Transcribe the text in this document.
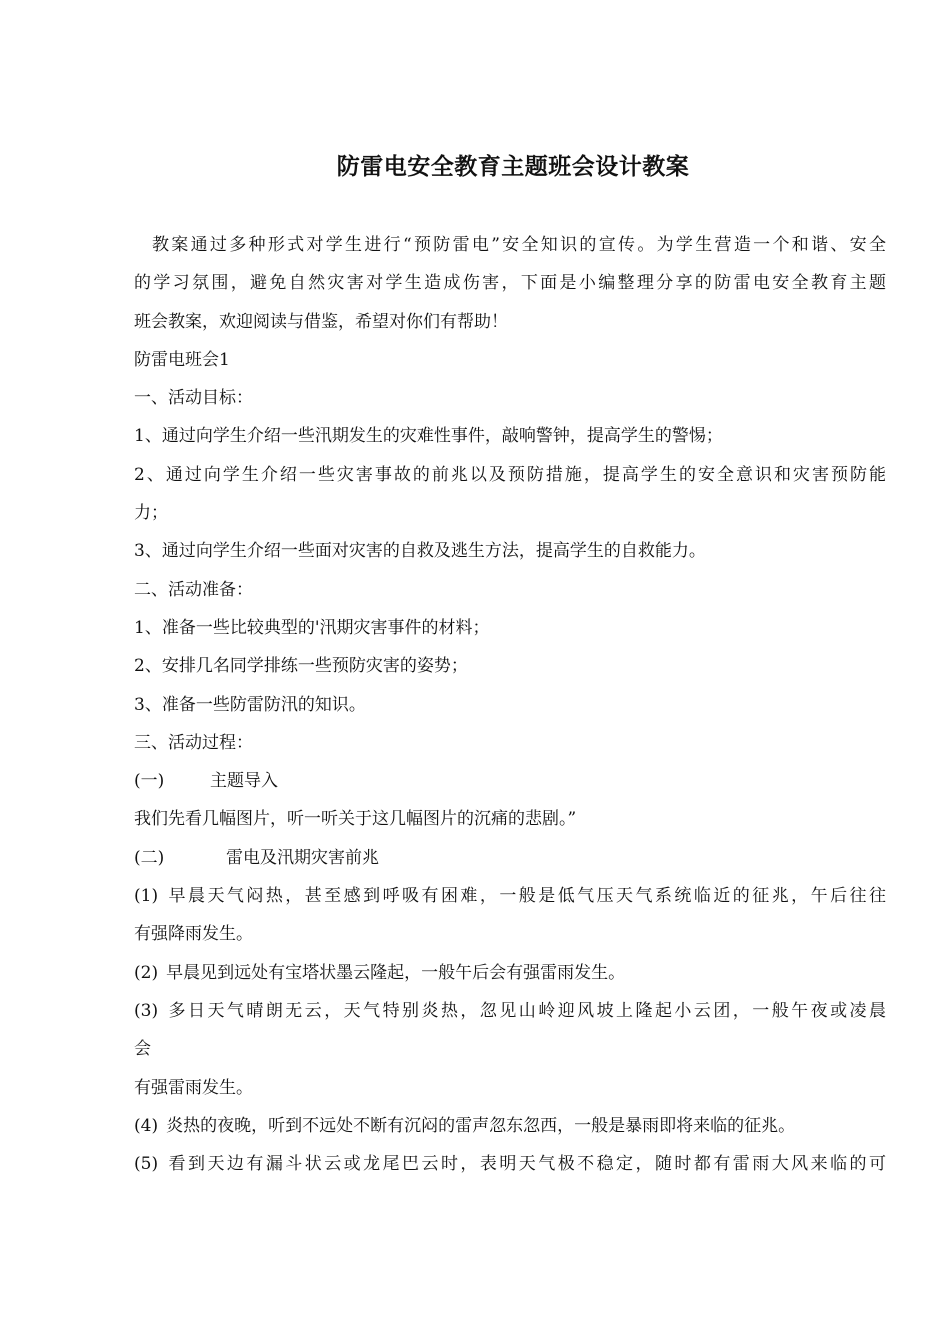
防雷电安全教育主题班会设计教案
教案通过多种形式对学生进行“预防雷电”安全知识的宣传。为学生营造一个和谐、安全
的学习氛围，避免自然灾害对学生造成伤害，下面是小编整理分享的防雷电安全教育主题
班会教案，欢迎阅读与借鉴，希望对你们有帮助！
防雷电班会1
一、活动目标：
1、通过向学生介绍一些汛期发生的灾难性事件，敲响警钟，提高学生的警惕；
2、通过向学生介绍一些灾害事故的前兆以及预防措施，提高学生的安全意识和灾害预防能
力；
3、通过向学生介绍一些面对灾害的自救及逃生方法，提高学生的自救能力。
二、活动准备：
1、准备一些比较典型的'汛期灾害事件的材料；
2、安排几名同学排练一些预防灾害的姿势；
3、准备一些防雷防汛的知识。
三、活动过程：
(一)	主题导入
我们先看几幅图片，听一听关于这几幅图片的沉痛的悲剧。”
(二)	雷电及汛期灾害前兆
(1) 早晨天气闷热，甚至感到呼吸有困难，一般是低气压天气系统临近的征兆，午后往往
有强降雨发生。
(2) 早晨见到远处有宝塔状墨云隆起，一般午后会有强雷雨发生。
(3) 多日天气晴朗无云，天气特别炎热，忽见山岭迎风坡上隆起小云团，一般午夜或凌晨
会
有强雷雨发生。
(4) 炎热的夜晚，听到不远处不断有沉闷的雷声忽东忽西，一般是暴雨即将来临的征兆。
(5) 看到天边有漏斗状云或龙尾巴云时，表明天气极不稳定，随时都有雷雨大风来临的可
